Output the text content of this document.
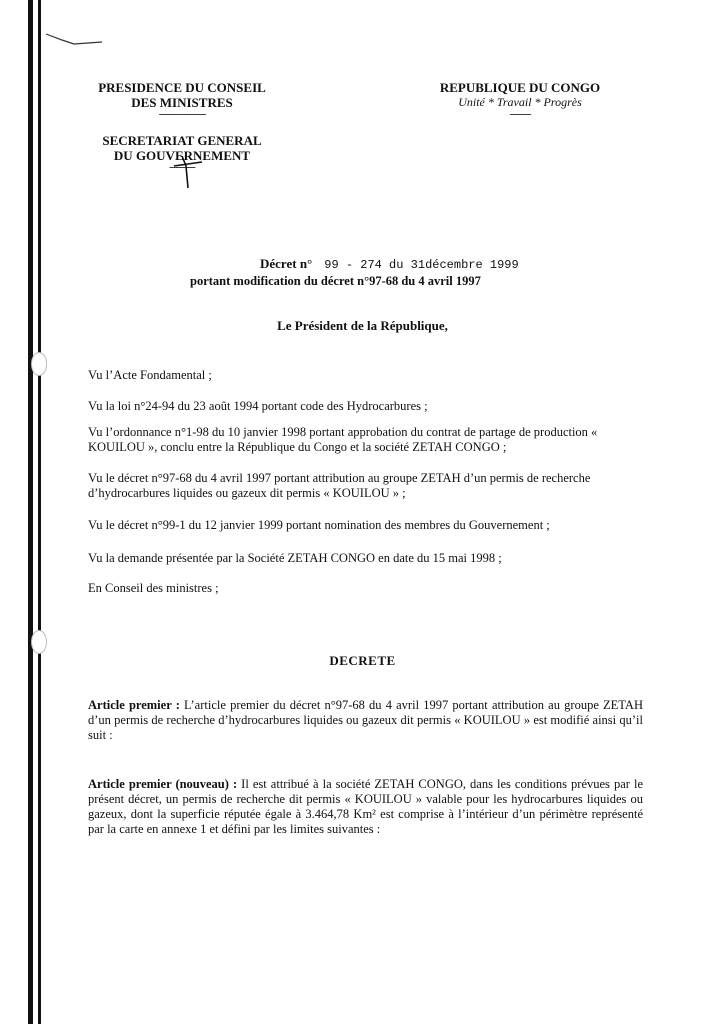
PRESIDENCE DU CONSEIL
DES MINISTRES
--------------------
SECRETARIAT GENERAL
DU GOUVERNEMENT
-----------
REPUBLIQUE DU CONGO
Unité * Travail * Progrès
---------
Décret n° 99 - 274 du 31décembre 1999
portant modification du décret n°97-68 du 4 avril 1997
Le Président de la République,
Vu l’Acte Fondamental ;
Vu la loi n°24-94 du 23 août 1994 portant code des Hydrocarbures ;
Vu l’ordonnance n°1-98 du 10 janvier 1998 portant approbation du contrat de partage de production « KOUILOU », conclu entre la République du Congo et la société ZETAH CONGO ;
Vu le décret n°97-68 du 4 avril 1997 portant attribution au groupe ZETAH d’un permis de recherche d’hydrocarbures liquides ou gazeux dit permis « KOUILOU » ;
Vu le décret n°99-1 du 12 janvier 1999 portant nomination des membres du Gouvernement ;
Vu la demande présentée par la Société ZETAH CONGO en date du 15 mai 1998 ;
En Conseil des ministres ;
DECRETE
Article premier : L’article premier du décret n°97-68 du 4 avril 1997 portant attribution au groupe ZETAH d’un permis de recherche d’hydrocarbures liquides ou gazeux dit permis « KOUILOU » est modifié ainsi qu’il suit :
Article premier (nouveau) : Il est attribué à la société ZETAH CONGO, dans les conditions prévues par le présent décret, un permis de recherche dit permis « KOUILOU » valable pour les hydrocarbures liquides ou gazeux, dont la superficie réputée égale à 3.464,78 Km² est comprise à l’intérieur d’un périmètre représenté par la carte en annexe 1 et défini par les limites suivantes :
